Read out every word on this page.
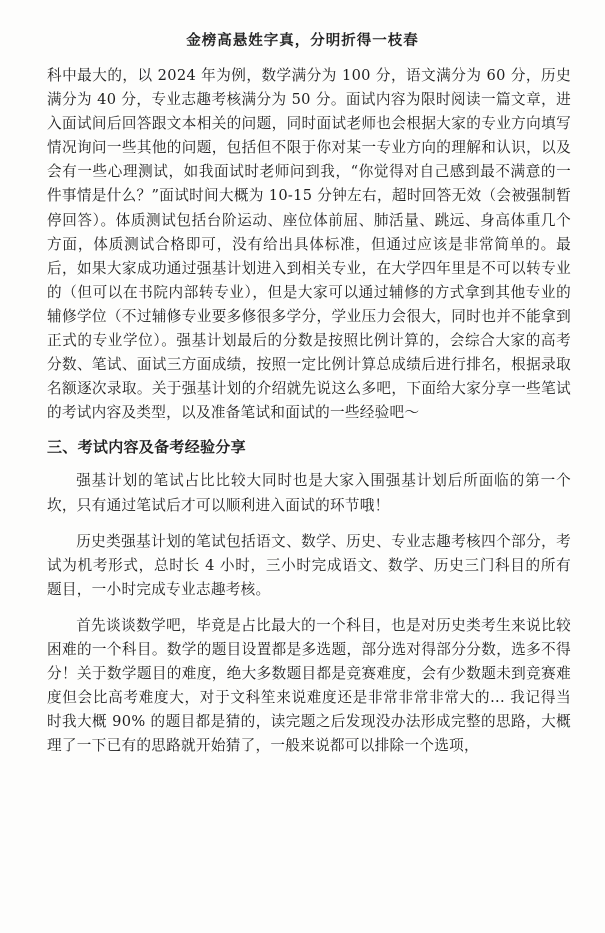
金榜高悬姓字真，分明折得一枝春

科中最大的，以 2024 年为例，数学满分为 100 分，语文满分为 60 分，历史满分为 40 分，专业志趣考核满分为 50 分。面试内容为限时阅读一篇文章，进入面试间后回答跟文本相关的问题，同时面试老师也会根据大家的专业方向填写情况询问一些其他的问题，包括但不限于你对某一专业方向的理解和认识，以及会有一些心理测试，如我面试时老师问到我，“你觉得对自己感到最不满意的一件事情是什么？”面试时间大概为 10-15 分钟左右，超时回答无效（会被强制暂停回答）。体质测试包括台阶运动、座位体前屈、肺活量、跳远、身高体重几个方面，体质测试合格即可，没有给出具体标准，但通过应该是非常简单的。最后，如果大家成功通过强基计划进入到相关专业，在大学四年里是不可以转专业的（但可以在书院内部转专业），但是大家可以通过辅修的方式拿到其他专业的辅修学位（不过辅修专业要多修很多学分，学业压力会很大，同时也并不能拿到正式的专业学位）。强基计划最后的分数是按照比例计算的，会综合大家的高考分数、笔试、面试三方面成绩，按照一定比例计算总成绩后进行排名，根据录取名额逐次录取。关于强基计划的介绍就先说这么多吧，下面给大家分享一些笔试的考试内容及类型，以及准备笔试和面试的一些经验吧～

三、考试内容及备考经验分享

强基计划的笔试占比比较大同时也是大家入围强基计划后所面临的第一个坎，只有通过笔试后才可以顺利进入面试的环节哦！

历史类强基计划的笔试包括语文、数学、历史、专业志趣考核四个部分，考试为机考形式，总时长 4 小时，三小时完成语文、数学、历史三门科目的所有题目，一小时完成专业志趣考核。

首先谈谈数学吧，毕竟是占比最大的一个科目，也是对历史类考生来说比较困难的一个科目。数学的题目设置都是多选题，部分选对得部分分数，选多不得分！关于数学题目的难度，绝大多数题目都是竞赛难度，会有少数题未到竞赛难度但会比高考难度大，对于文科笙来说难度还是非常非常非常大的... 我记得当时我大概 90% 的题目都是猜的，读完题之后发现没办法形成完整的思路，大概理了一下已有的思路就开始猜了，一般来说都可以排除一个选项，
